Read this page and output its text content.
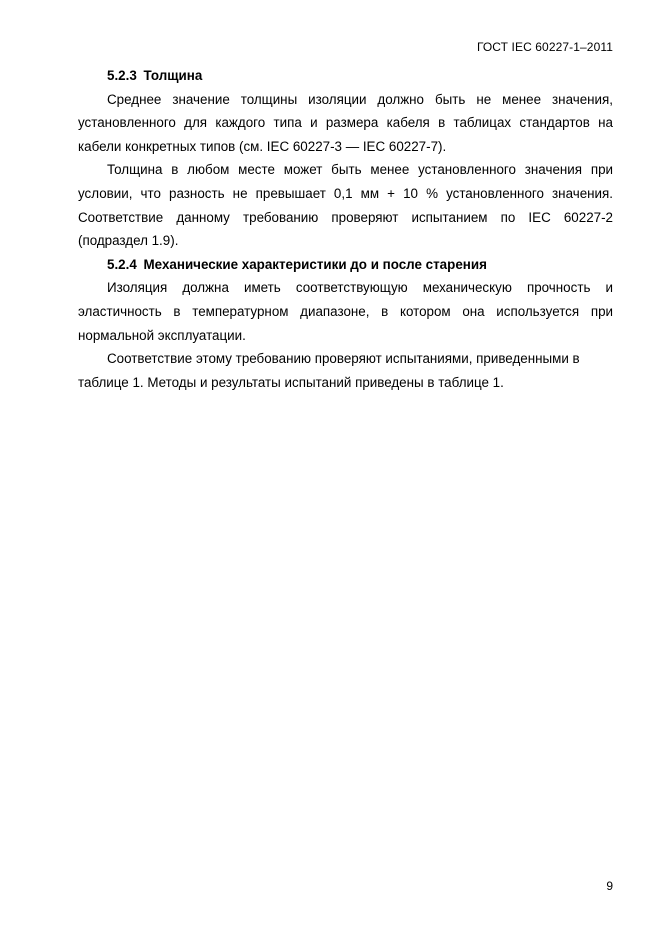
ГОСТ IEC 60227-1–2011
5.2.3 Толщина

Среднее значение толщины изоляции должно быть не менее значения, установленного для каждого типа и размера кабеля в таблицах стандартов на кабели конкретных типов (см. IEC 60227-3 — IEC 60227-7).

Толщина в любом месте может быть менее установленного значения при условии, что разность не превышает 0,1 мм + 10 % установленного значения. Соответствие данному требованию проверяют испытанием по IEC 60227-2 (подраздел 1.9).

5.2.4 Механические характеристики до и после старения

Изоляция должна иметь соответствующую механическую прочность и эластичность в температурном диапазоне, в котором она используется при нормальной эксплуатации.

Соответствие этому требованию проверяют испытаниями, приведенными в таблице 1. Методы и результаты испытаний приведены в таблице 1.

9
